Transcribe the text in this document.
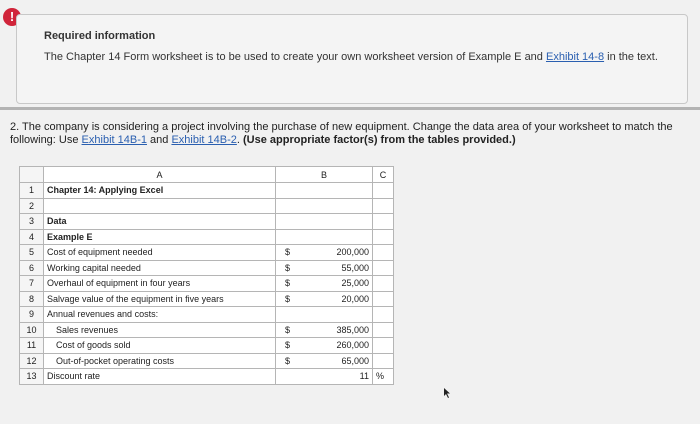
!
Required information
The Chapter 14 Form worksheet is to be used to create your own worksheet version of Example E and Exhibit 14-8 in the text.
2. The company is considering a project involving the purchase of new equipment. Change the data area of your worksheet to match the following: Use Exhibit 14B-1 and Exhibit 14B-2. (Use appropriate factor(s) from the tables provided.)
	A	B	C
1	Chapter 14: Applying Excel	

2		

3	Data	

4	Example E	

5	Cost of equipment needed	$ 200,000	

6	Working capital needed	$ 55,000	

7	Overhaul of equipment in four years	$ 25,000	

8	Salvage value of the equipment in five years	$ 20,000	

9	Annual revenues and costs:	

10	Sales revenues	$ 385,000	

11	Cost of goods sold	$ 260,000	

12	Out-of-pocket operating costs	$ 65,000	

13	Discount rate	11	%
